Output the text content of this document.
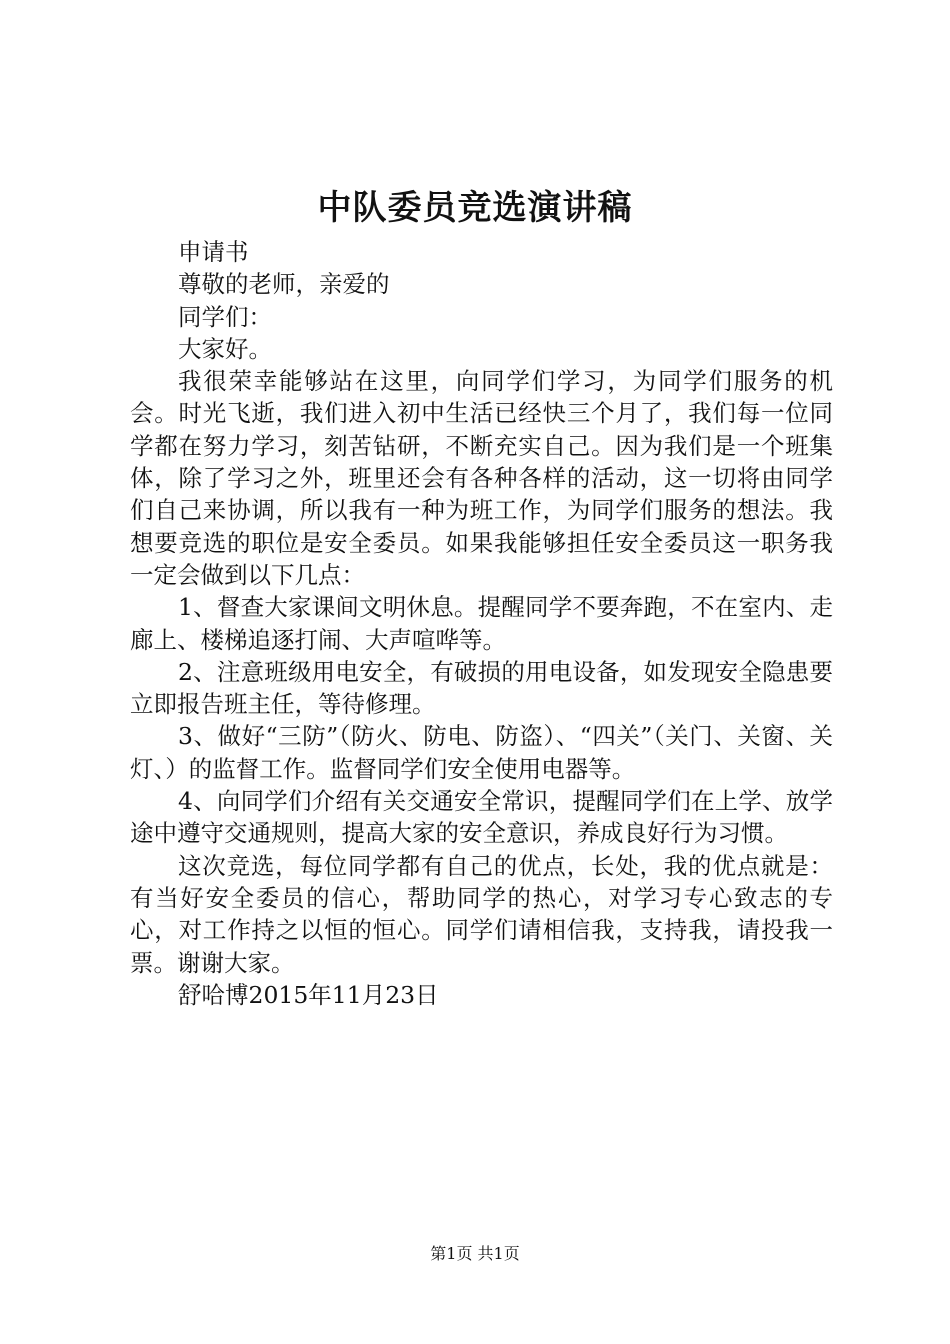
中队委员竞选演讲稿

申请书

尊敬的老师，亲爱的

同学们：

大家好。

我很荣幸能够站在这里，向同学们学习，为同学们服务的机会。时光飞逝，我们进入初中生活已经快三个月了，我们每一位同学都在努力学习，刻苦钻研，不断充实自己。因为我们是一个班集体，除了学习之外，班里还会有各种各样的活动，这一切将由同学们自己来协调，所以我有一种为班工作，为同学们服务的想法。我想要竞选的职位是安全委员。如果我能够担任安全委员这一职务我一定会做到以下几点：

1、督查大家课间文明休息。提醒同学不要奔跑，不在室内、走廊上、楼梯追逐打闹、大声喧哗等。

2、注意班级用电安全，有破损的用电设备，如发现安全隐患要立即报告班主任，等待修理。

3、做好“三防”（防火、防电、防盗）、“四关”（关门、关窗、关灯、）的监督工作。监督同学们安全使用电器等。

4、向同学们介绍有关交通安全常识，提醒同学们在上学、放学途中遵守交通规则，提高大家的安全意识，养成良好行为习惯。

这次竞选，每位同学都有自己的优点，长处，我的优点就是：有当好安全委员的信心，帮助同学的热心，对学习专心致志的专心，对工作持之以恒的恒心。同学们请相信我，支持我，请投我一票。谢谢大家。

舒哈博2015年11月23日

第1页 共1页
